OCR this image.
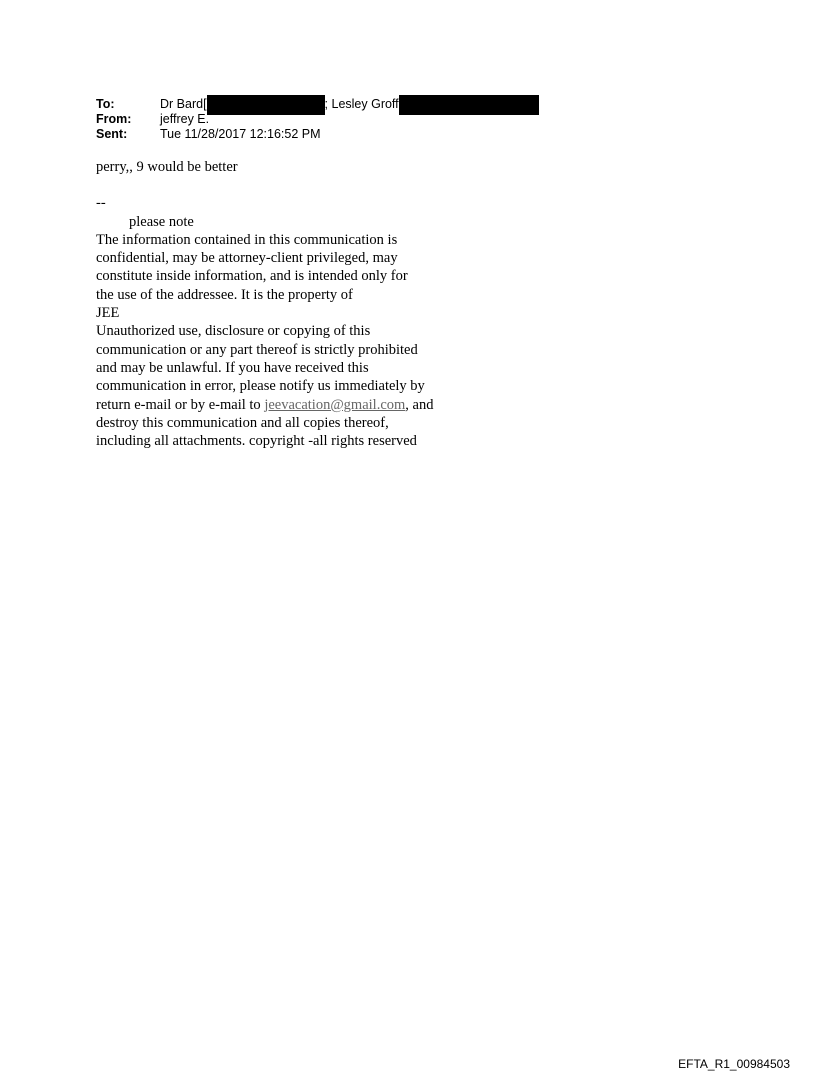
To:	Dr Bard[	; Lesley Groff
From:	jeffrey E.
Sent:	Tue 11/28/2017 12:16:52 PM

perry,, 9 would be better

--

please note

The information contained in this communication is

confidential, may be attorney-client privileged, may

constitute inside information, and is intended only for

the use of the addressee. It is the property of

JEE

Unauthorized use, disclosure or copying of this

communication or any part thereof is strictly prohibited

and may be unlawful. If you have received this

communication in error, please notify us immediately by

return e-mail or by e-mail to jeevacation@gmail.com, and

destroy this communication and all copies thereof,

including all attachments. copyright -all rights reserved

EFTA_R1_00984503
